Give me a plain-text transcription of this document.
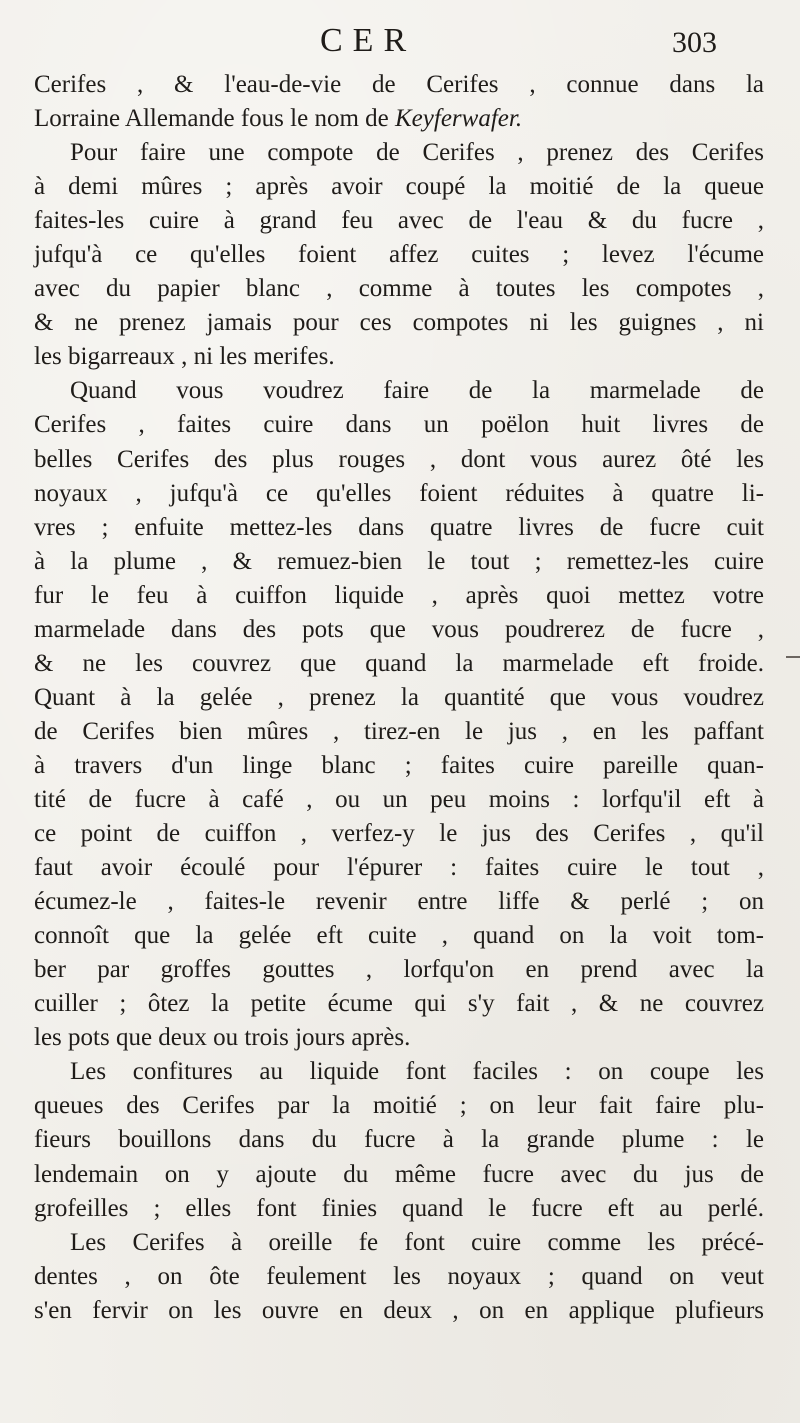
CER	303
Cerifes , & l'eau-de-vie de Cerifes , connue dans la
Lorraine Allemande fous le nom de Keyferwafer.
Pour faire une compote de Cerifes , prenez des Cerifes
à demi mûres ; après avoir coupé la moitié de la queue
faites-les cuire à grand feu avec de l'eau & du fucre ,
jufqu'à ce qu'elles foient affez cuites ; levez l'écume
avec du papier blanc , comme à toutes les compotes ,
& ne prenez jamais pour ces compotes ni les guignes , ni
les bigarreaux , ni les merifes.
Quand vous voudrez faire de la marmelade de
Cerifes , faites cuire dans un poëlon huit livres de
belles Cerifes des plus rouges , dont vous aurez ôté les
noyaux , jufqu'à ce qu'elles foient réduites à quatre li-
vres ; enfuite mettez-les dans quatre livres de fucre cuit
à la plume , & remuez-bien le tout ; remettez-les cuire
fur le feu à cuiffon liquide , après quoi mettez votre
marmelade dans des pots que vous poudrerez de fucre ,
& ne les couvrez que quand la marmelade eft froide.
Quant à la gelée , prenez la quantité que vous voudrez
de Cerifes bien mûres , tirez-en le jus , en les paffant
à travers d'un linge blanc ; faites cuire pareille quan-
tité de fucre à café , ou un peu moins : lorfqu'il eft à
ce point de cuiffon , verfez-y le jus des Cerifes , qu'il
faut avoir écoulé pour l'épurer : faites cuire le tout ,
écumez-le , faites-le revenir entre liffe & perlé ; on
connoît que la gelée eft cuite , quand on la voit tom-
ber par groffes gouttes , lorfqu'on en prend avec la
cuiller ; ôtez la petite écume qui s'y fait , & ne couvrez
les pots que deux ou trois jours après.
Les confitures au liquide font faciles : on coupe les
queues des Cerifes par la moitié ; on leur fait faire plu-
fieurs bouillons dans du fucre à la grande plume : le
lendemain on y ajoute du même fucre avec du jus de
grofeilles ; elles font finies quand le fucre eft au perlé.
Les Cerifes à oreille fe font cuire comme les précé-
dentes , on ôte feulement les noyaux ; quand on veut
s'en fervir on les ouvre en deux , on en applique plufieurs
